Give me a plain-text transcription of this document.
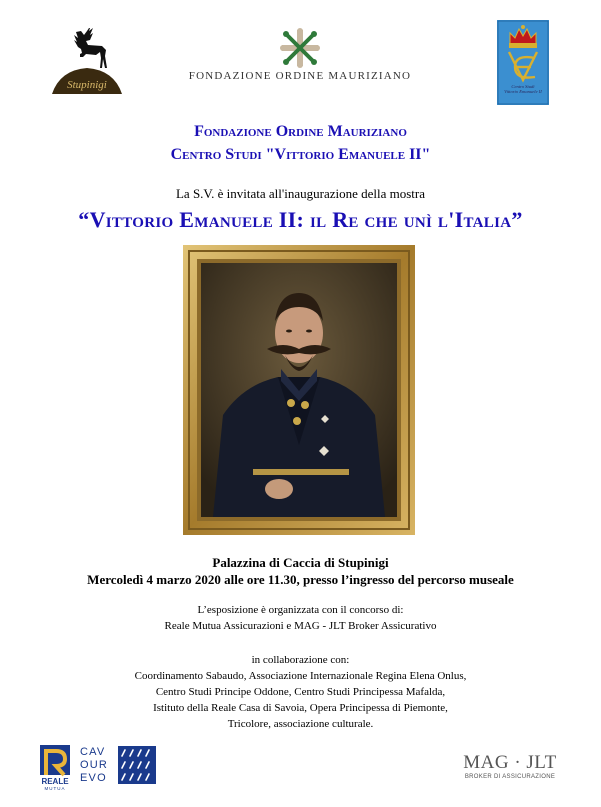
Stupinigi
FONDAZIONE ORDINE MAURIZIANO
Centro Studi
Vittorio Emanuele II
Fondazione Ordine Mauriziano
Centro Studi "Vittorio Emanuele II"
La S.V. è invitata all'inaugurazione della mostra
“Vittorio Emanuele II: il Re che unì l'Italia”
Palazzina di Caccia di Stupinigi
Mercoledì 4 marzo 2020 alle ore 11.30, presso l’ingresso del percorso museale
L’esposizione è organizzata con il concorso di:
Reale Mutua Assicurazioni e MAG - JLT Broker Assicurativo
in collaborazione con:
Coordinamento Sabaudo, Associazione Internazionale Regina Elena Onlus,
Centro Studi Principe Oddone, Centro Studi Principessa Mafalda,
Istituto della Reale Casa di Savoia, Opera Principessa di Piemonte,
Tricolore, associazione culturale.
REALE
MUTUA
CAV
OUR
EVO
MAG · JLT
BROKER DI ASSICURAZIONE
